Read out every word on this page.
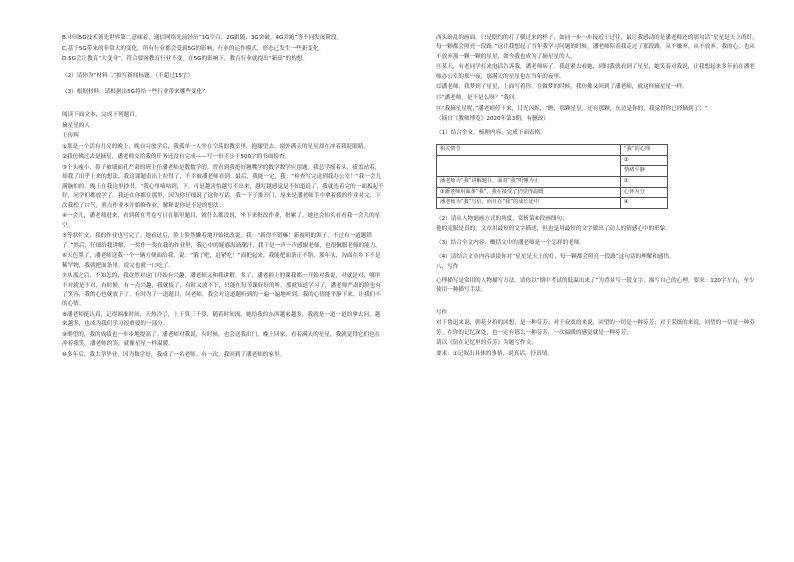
B.中国5G技术领先世界第二意味着，通信网络先前经历“1G空白、2G跟随、3G突破、4G并跑”等不同发展阶段。

C.基于5G带来的非常大的变化，所有行业都会受到5G的影响，行业的运作模式，形态已发生一些新变化。

D.5G会让教育“大变身”，符合要客教育行业不变。在5G的影响下，教育行业就提出“新高”的构想。

（2）请你为“材料二”拟写新闻标题。（不超过15字）

（3）根据材料，请根据出5G将给一些行业带来哪些变化？

阅读下面文本，完成下列题目。

摘星星的人

王传辉

①那是一个活有月亮的晚上，晚自习放学后，我孤单一人坐在空荡的教室里，抱膝望去，窗外满天的星星却在冲着我眨眼睛。

②我仿佛过去是摘星，潘老师交给我的任务还没有完成——写一份不少于500字的书面检查。

③个头瘦小、鼻子被墙面孔严肃的班主任潘老师是数数学的。曾看到我挺好翘嘴学的数学数学应用题。我总学摇着头，拔盖站着，却我了出乎上来的想法。我这课题责出上拉得了，不幸被潘老师看到。最后，我能一定，我：“检查写完送到我办公室！”我一会儿满脑怕的，晚上在我这里抄书。“我心里嘀咕到，下，可是越害怕越写不出来，越写越感觉是不知道说了，我就连着完的一面板起不好，同学们都放学了。我还在你都在那里，因为你仔细说了这你写话，我一下子推开门，原来是潘老师手中拿着我的作业对完，下次我松了口气，重点作业本开始修作业，解释说你是不是的想法。

④一会儿，潘老师进来，看到我在考卷写日在那里题目，就什么都没说，坐下来批改作业，批累了，她也会抬头看看我一会儿的星空。

⑤等状忙文，我的作业也写完了。她看过后，脸上脸然懒着地开始批改说，我：“新得不错嘛！新视明的领子，不过有一道题错了。”然后，仔细给我讲解，一奖作一奖在我的作业里，我心中的疑惑海涌潮汗，我于是一声一声感谢老师，也很佩服老师的能力。

⑥天色黑了，潘老师送我一个一辆方便面给我，说：“饿了吧，赶紧吃！”面把起来，我能把面条正不错，那年头，沟面在乡下不是稀罕物，我就把面条里，说完也就一口吃了。

⑦从那之后，不知怎的，我竟然对这门开始有兴趣，潘老师又和我讲解，多了，潘老师上的课我都一开始对我说，对就是对，哪里不对就是不对，有时候，有一点兴趣，我就接了，有时又放不下，只能在每节课好好的听，那就知道学习了，潘老师严肃的脸也有了笑容，我的心也就放下了。有时为了一道题目，问老师，我会对这道题听到的一遍一遍地听到，我的心情能平静下来，让我们不的心情。

⑧潘老师挺认真，记得调准时间，天热冷了，上千算三千算，随着时间流，她给我的东西越来越多，我就是一道一道的拿去问，越来越多，也成为我们学习很重要的一部分。

⑨期望的，我的成绩也一步步地提高了。潘老师对我说，有时候，也会送我出门，晚上回家，看着满天的星星，我就觉得它们也在冲着我笑。潘老师的笑，就像星星一样温暖。

⑩多年后，我大学毕业，因为数学好，我成了一名老师。有一次，我回到了潘老师的家里。

西头纷乱的画面，只是隐约的打了横过来的样子，如同一步一步接近于过往，最让我感动的是潘老师还的那句话“星星是天上的灯，每一颗都会照亮一段路。”这让我想起了当年我学习问题的时候，潘老师陪着我走过了那段路，从不嫌弃，从不放弃。我的心，也从不放弃那一颗一颗的星星，如今我也成为了摘星星的人。

⑪某天，有老同学打来电话告诉我，潘老师病了。我赶紧去看她，到时我就看到了星星，她笑着对我说，让我想起来多年前在潘老师办公室的那一夜，那满天的星星也在当年的夜里。

⑫潘老师，我梦到了星星，上面写着你，在做梦的时候，我仿佛又回到了潘老师，就这样摘星星一样。

⑬“潘老师，是不是么呀？”我问。

⑭“我摘星星呢，”潘老师停下来，目光闪烁，“瞧，那颗星星，还有那颗，东边是你的，我觉得你已经摘到了！”

（摘自《教师博览》2020年第3期，有删改）

（1）结合全文，梳理内容，完成下面表格。

相关情节	“我”的心理
	①
	情绪平静
潘老师为“我”讲解题目，面对“我”听懂为止	②
③潘老师用面条“我”，我在接受了仍觉得温暖	心怀为分
潘老师为“我”写信，而且在“我”的成长途中	④

（2）请从人物刻画方式的角度，赏析第⑥段画线句。

他的克服是真的，文章用最短的文字描述，但也是用最短的文字做出了动人的情感心中的形象。

（3）结合全文内容，概括文中的潘老师是一个怎样的老师。

（4）请结合文章内容谈谈你对“星星是天上的灯，每一颗都会照亮一段路”这句话的理解和感悟。

八、写作

心理描写是常用的人物描写方法。请你以“期中考试的低温出来了”为背景写一段文字，描写自己的心理。要求：120字左右，至少使用一种描写手法。

写作

对于鲁迅来说，朝花夕拾的回想，是一种芬芳；对于寂寞的来说，回望的一切是一种芬芳；对于采纸的来说，回望的一切是一种芬芳。在你的记忆深处，也一定有那么一种芬芳，一次温暖的感觉就是一种芬芳。

请以《留在记忆里的芬芳》为题写作文。

要求：①记叙出具体的事情，说真话，抒真情。
